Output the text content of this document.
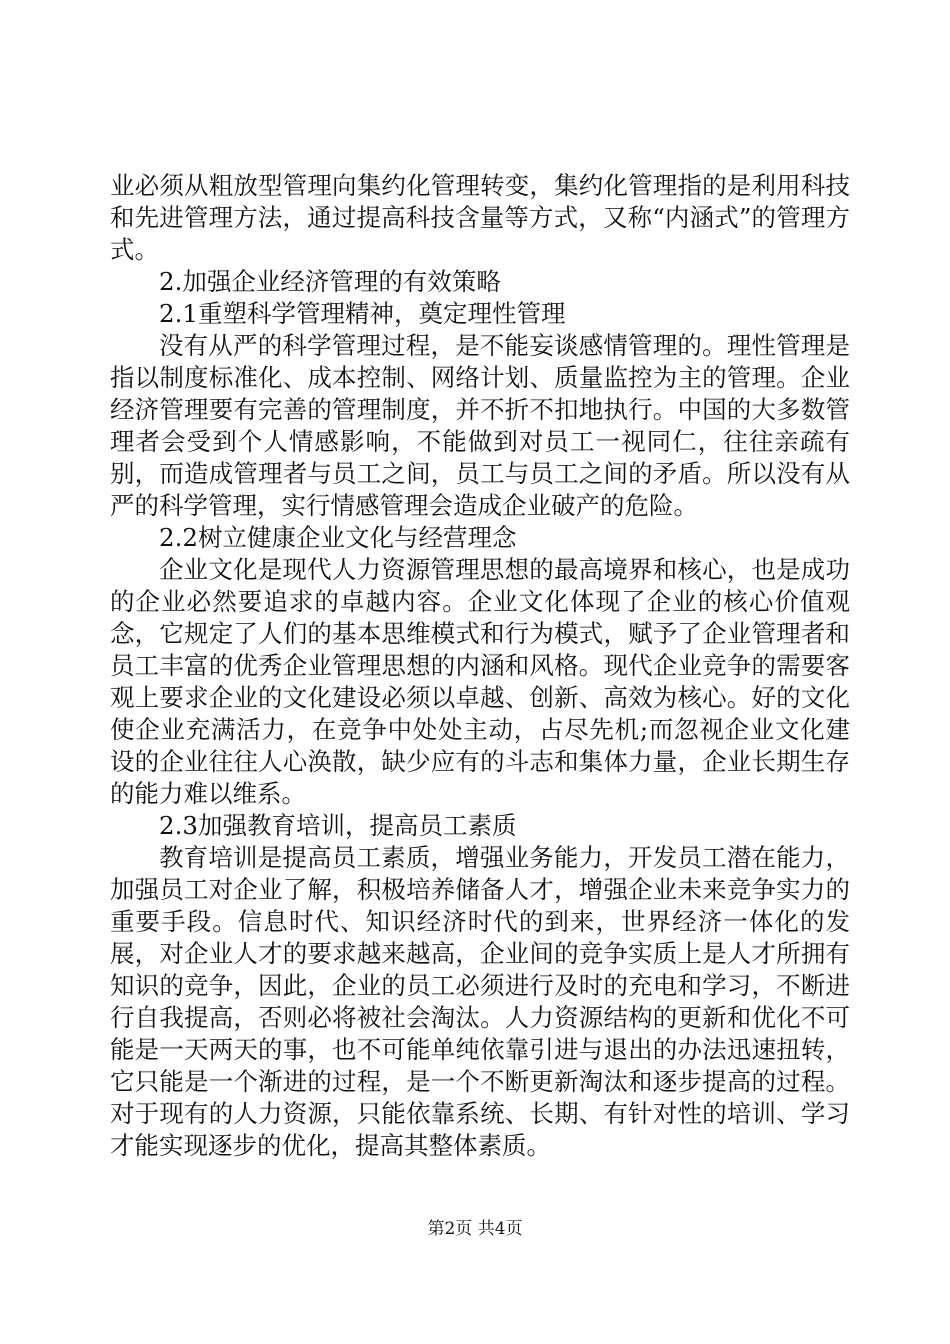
业必须从粗放型管理向集约化管理转变，集约化管理指的是利用科技和先进管理方法，通过提高科技含量等方式，又称“内涵式”的管理方式。

2.加强企业经济管理的有效策略

2.1重塑科学管理精神，奠定理性管理

没有从严的科学管理过程，是不能妄谈感情管理的。理性管理是指以制度标准化、成本控制、网络计划、质量监控为主的管理。企业经济管理要有完善的管理制度，并不折不扣地执行。中国的大多数管理者会受到个人情感影响，不能做到对员工一视同仁，往往亲疏有别，而造成管理者与员工之间，员工与员工之间的矛盾。所以没有从严的科学管理，实行情感管理会造成企业破产的危险。

2.2树立健康企业文化与经营理念

企业文化是现代人力资源管理思想的最高境界和核心，也是成功的企业必然要追求的卓越内容。企业文化体现了企业的核心价值观念，它规定了人们的基本思维模式和行为模式，赋予了企业管理者和员工丰富的优秀企业管理思想的内涵和风格。现代企业竞争的需要客观上要求企业的文化建设必须以卓越、创新、高效为核心。好的文化使企业充满活力，在竞争中处处主动，占尽先机;而忽视企业文化建设的企业往往人心涣散，缺少应有的斗志和集体力量，企业长期生存的能力难以维系。

2.3加强教育培训，提高员工素质

教育培训是提高员工素质，增强业务能力，开发员工潜在能力，加强员工对企业了解，积极培养储备人才，增强企业未来竞争实力的重要手段。信息时代、知识经济时代的到来，世界经济一体化的发展，对企业人才的要求越来越高，企业间的竞争实质上是人才所拥有知识的竞争，因此，企业的员工必须进行及时的充电和学习，不断进行自我提高，否则必将被社会淘汰。人力资源结构的更新和优化不可能是一天两天的事，也不可能单纯依靠引进与退出的办法迅速扭转，它只能是一个渐进的过程，是一个不断更新淘汰和逐步提高的过程。对于现有的人力资源，只能依靠系统、长期、有针对性的培训、学习才能实现逐步的优化，提高其整体素质。

第2页 共4页
